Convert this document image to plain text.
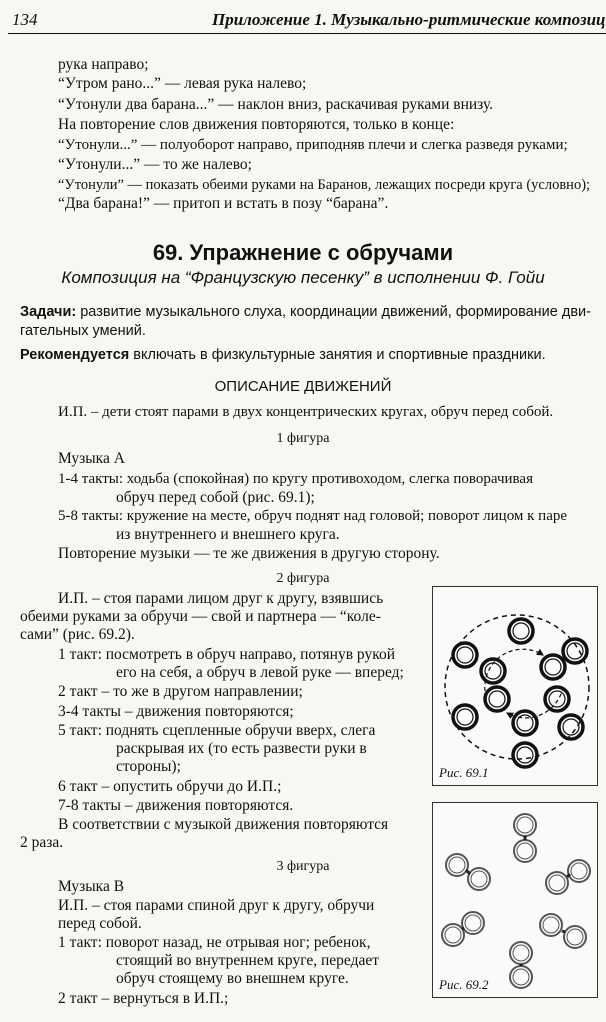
134	Приложение 1. Музыкально-ритмические композиц
рука направо;
“Утром рано...” — левая рука налево;
“Утонули два барана...” — наклон вниз, раскачивая руками внизу.
На повторение слов движения повторяются, только в конце:
“Утонули...” — полуоборот направо, приподняв плечи и слегка разведя руками;
“Утонули...” — то же налево;
“Утонули” — показать обеими руками на Баранов, лежащих посреди круга (условно);
“Два барана!” — притоп и встать в позу “барана”.
69. Упражнение с обручами
Композиция на “Французскую песенку” в исполнении Ф. Гойи
Задачи: развитие музыкального слуха, координации движений, формирование дви-
гательных умений.
Рекомендуется включать в физкультурные занятия и спортивные праздники.
ОПИСАНИЕ ДВИЖЕНИЙ
И.П. – дети стоят парами в двух концентрических кругах, обруч перед собой.
1 фигура
Музыка А
1-4 такты: ходьба (спокойная) по кругу противоходом, слегка поворачивая
обруч перед собой (рис. 69.1);
5-8 такты: кружение на месте, обруч поднят над головой; поворот лицом к паре
из внутреннего и внешнего круга.
Повторение музыки — те же движения в другую сторону.
2 фигура
И.П. – стоя парами лицом друг к другу, взявшись
обеими руками за обручи — свой и партнера — “коле-
сами” (рис. 69.2).
1 такт: посмотреть в обруч направо, потянув рукой
его на себя, а обруч в левой руке — вперед;
2 такт – то же в другом направлении;
3-4 такты – движения повторяются;
5 такт: поднять сцепленные обручи вверх, слега
раскрывая их (то есть развести руки в
стороны);
6 такт – опустить обручи до И.П.;
7-8 такты – движения повторяются.
В соответствии с музыкой движения повторяются
2 раза.
3 фигура
Музыка В
И.П. – стоя парами спиной друг к другу, обручи
перед собой.
1 такт: поворот назад, не отрывая ног; ребенок,
стоящий во внутреннем круге, передает
обруч стоящему во внешнем круге.
2 такт – вернуться в И.П.;
Рис. 69.1
Рис. 69.2
